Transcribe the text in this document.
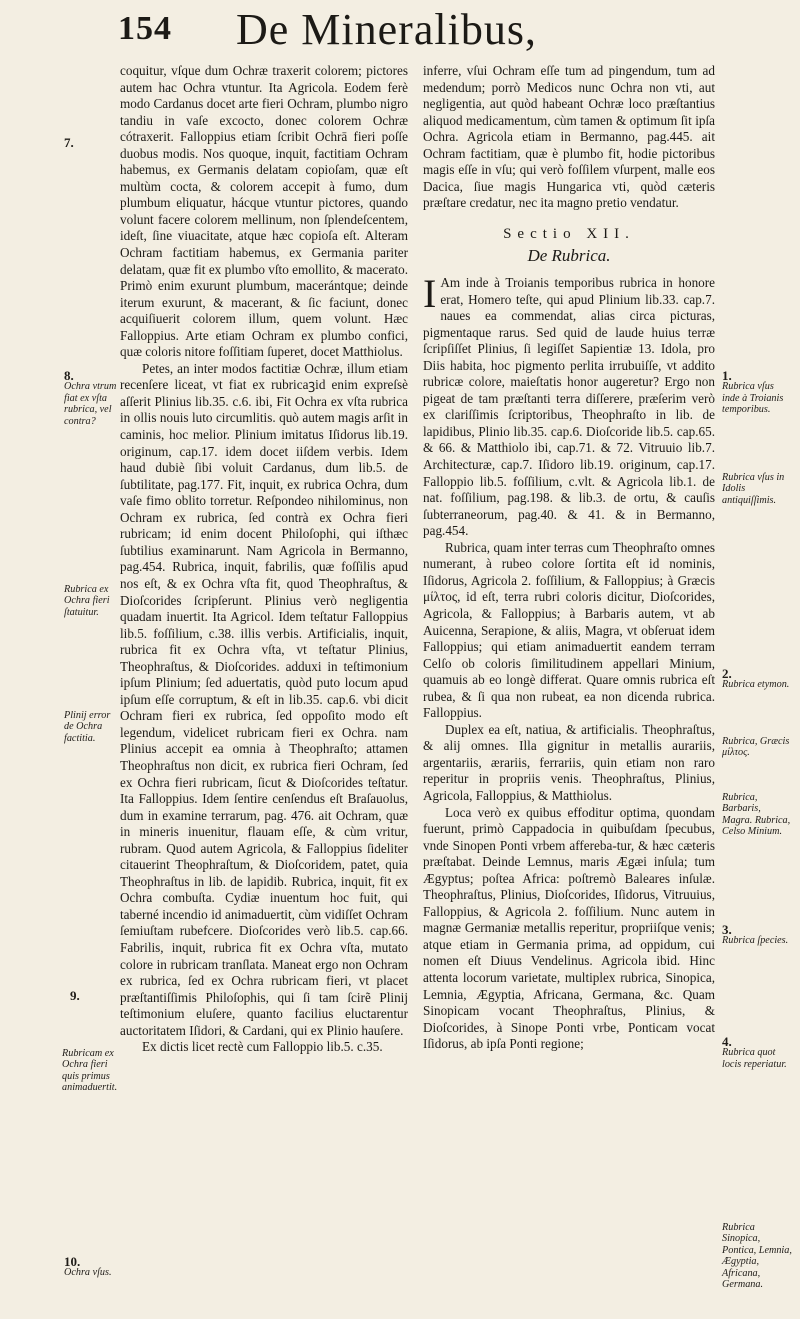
154 De Mineralibus,
7.
8.
Ochra vtrum fiat ex vſta rubrica, vel contra?
Rubrica ex Ochra fieri ſtatuitur.
Plinij error de Ochra factitia.
9.
Rubricam ex Ochra fieri quis primus animaduertit.
10.
Ochra vſus.

coquitur, vſque dum Ochræ traxerit colorem; pictores autem hac Ochra vtuntur. Ita Agricola. Eodem ferè modo Cardanus docet arte fieri Ochram, plumbo nigro tandiu in vaſe excocto, donec colorem Ochræ cótraxerit. Falloppius etiam ſcribit Ochrā fieri poſſe duobus modis. Nos quoque, inquit, factitiam Ochram habemus, ex Germanis delatam copioſam, quæ eſt multùm cocta, & colorem accepit à fumo, dum plumbum eliquatur, hácque vtuntur pictores, quando volunt facere colorem mellinum, non ſplendeſcentem, ideſt, ſine viuacitate, atque hæc copioſa eſt. Alteram Ochram factitiam habemus, ex Germania pariter delatam, quæ fit ex plumbo vſto emollito, & macerato. Primò enim exurunt plumbum, macerántque; deinde iterum exurunt, & macerant, & ſic faciunt, donec acquiſiuerit colorem illum, quem volunt. Hæc Falloppius. Arte etiam Ochram ex plumbo confici, quæ coloris nitore foſſitiam ſuperet, docet Matthiolus.

Petes, an inter modos factitiæ Ochræ, illum etiam recenſere liceat, vt fiat ex rubricaꝫid enim expreſsè aſſerit Plinius lib.35. c.6. ibi, Fit Ochra ex vſta rubrica in ollis nouis luto circumlitis. quò autem magis arſit in caminis, hoc melior. Plinium imitatus Iſidorus lib.19. originum, cap.17. idem docet iiſdem verbis. Idem haud dubiè ſibi voluit Cardanus, dum lib.5. de ſubtilitate, pag.177. Fit, inquit, ex rubrica Ochra, dum vaſe fimo oblito torretur. Reſpondeo nihilominus, non Ochram ex rubrica, ſed contrà ex Ochra fieri rubricam; id enim docent Philoſophi, qui iſthæc ſubtilius examinarunt. Nam Agricola in Bermanno, pag.454. Rubrica, inquit, fabrilis, quæ foſſilis apud nos eſt, & ex Ochra vſta fit, quod Theophraſtus, & Dioſcorides ſcripſerunt. Plinius verò negligentia quadam inuertit. Ita Agricol. Idem teſtatur Falloppius lib.5. foſſilium, c.38. illis verbis. Artificialis, inquit, rubrica fit ex Ochra vſta, vt teſtatur Plinius, Theophraſtus, & Dioſcorides. adduxi in teſtimonium ipſum Plinium; ſed aduertatis, quòd puto locum apud ipſum eſſe corruptum, & eſt in lib.35. cap.6. vbi dicit Ochram fieri ex rubrica, ſed oppoſito modo eſt legendum, videlicet rubricam fieri ex Ochra. nam Plinius accepit ea omnia à Theophraſto; attamen Theophraſtus non dicit, ex rubrica fieri Ochram, ſed ex Ochra fieri rubricam, ſicut & Dioſcorides teſtatur. Ita Falloppius. Idem ſentire cenſendus eſt Braſauolus, dum in examine terrarum, pag. 476. ait Ochram, quæ in mineris inuenitur, flauam eſſe, & cùm vritur, rubram. Quod autem Agricola, & Falloppius ſideliter citauerint Theophraſtum, & Dioſcoridem, patet, quia Theophraſtus in lib. de lapidib. Rubrica, inquit, fit ex Ochra combuſta. Cydiæ inuentum hoc fuit, qui taberné incendio id animaduertit, cùm vidiſſet Ochram ſemiuſtam rubefcere. Dioſcorides verò lib.5. cap.66. Fabrilis, inquit, rubrica fit ex Ochra vſta, mutato colore in rubricam tranſlata. Maneat ergo non Ochram ex rubrica, ſed ex Ochra rubricam fieri, vt placet præſtantiſſimis Philoſophis, qui ſi tam ſcirẽ Plinij teſtimonium eluſere, quanto facilius eluctarentur auctoritatem Iſidori, & Cardani, qui ex Plinio hauſere.

Ex dictis licet rectè cum Falloppio lib.5. c.35.

inferre, vſui Ochram eſſe tum ad pingendum, tum ad medendum; porrò Medicos nunc Ochra non vti, aut negligentia, aut quòd habeant Ochræ loco præſtantius aliquod medicamentum, cùm tamen & optimum ſit ipſa Ochra. Agricola etiam in Bermanno, pag.445. ait Ochram factitiam, quæ è plumbo fit, hodie pictoribus magis eſſe in vſu; qui verò foſſilem vſurpent, malle eos Dacica, ſiue magis Hungarica vti, quòd cæteris præſtare credatur, nec ita magno pretio vendatur.

Sectio XII.
De Rubrica.

I Am inde à Troianis temporibus rubrica in honore erat, Homero teſte, qui apud Plinium lib.33. cap.7. naues ea commendat, alias circa picturas, pigmentaque rarus. Sed quid de laude huius terræ ſcripſiſſet Plinius, ſi legiſſet Sapientiæ 13. Idola, pro Diis habita, hoc pigmento perlita irrubuiſſe, vt addito rubricæ colore, maieſtatis honor augeretur? Ergo non pigeat de tam præſtanti terra diſſerere, præſerim verò ex clariſſimis ſcriptoribus, Theophraſto in lib. de lapidibus, Plinio lib.35. cap.6. Dioſcoride lib.5. cap.65. & 66. & Matthiolo ibi, cap.71. & 72. Vitruuio lib.7. Architecturæ, cap.7. Iſidoro lib.19. originum, cap.17. Falloppio lib.5. foſſilium, c.vlt. & Agricola lib.1. de nat. foſſilium, pag.198. & lib.3. de ortu, & cauſis ſubterraneorum, pag.40. & 41. & in Bermanno, pag.454.

Rubrica, quam inter terras cum Theophraſto omnes numerant, à rubeo colore ſortita eſt id nominis, Iſidorus, Agricola 2. foſſilium, & Falloppius; à Græcis μίλτος, id eſt, terra rubri coloris dicitur, Dioſcorides, Agricola, & Falloppius; à Barbaris autem, vt ab Auicenna, Serapione, & aliis, Magra, vt obſeruat idem Falloppius; qui etiam animaduertit eandem terram Celſo ob coloris ſimilitudinem appellari Minium, quamuis ab eo longè differat. Quare omnis rubrica eſt rubea, & ſi qua non rubeat, ea non dicenda rubrica. Falloppius.

Duplex ea eſt, natiua, & artificialis. Theophraſtus, & alij omnes. Illa gignitur in metallis aurariis, argentariis, ærariis, ferrariis, quin etiam non raro reperitur in propriis venis. Theophraſtus, Plinius, Agricola, Falloppius, & Matthiolus.

Loca verò ex quibus effoditur optima, quondam fuerunt, primò Cappadocia in quibuſdam ſpecubus, vnde Sinopen Ponti vrbem affereba-tur, & hæc cæteris præſtabat. Deinde Lemnus, maris Ægæi inſula; tum Ægyptus; poſtea Africa: poſtremò Baleares inſulæ. Theophraſtus, Plinius, Dioſcorides, Iſidorus, Vitruuius, Falloppius, & Agricola 2. foſſilium. Nunc autem in magnæ Germaniæ metallis reperitur, propriiſque venis; atque etiam in Germania prima, ad oppidum, cui nomen eſt Diuus Vendelinus. Agricola ibid. Hinc attenta locorum varietate, multiplex rubrica, Sinopica, Lemnia, Ægyptia, Africana, Germana, &c. Quam Sinopicam vocant Theophraſtus, Plinius, & Dioſcorides, à Sinope Ponti vrbe, Ponticam vocat Iſidorus, ab ipſa Ponti regione;

1.
Rubrica vſus inde à Troianis temporibus.
Rubrica vſus in Idolis antiquiſſimis.
2.
Rubrica etymon.
Rubrica, Græcis μίλτος.
Rubrica, Barbaris, Magra. Rubrica, Celso Minium.
3.
Rubrica ſpecies.
4.
Rubrica quot locis reperiatur.
Rubrica Sinopica, Pontica, Lemnia, Ægyptia, Africana, Germana.
